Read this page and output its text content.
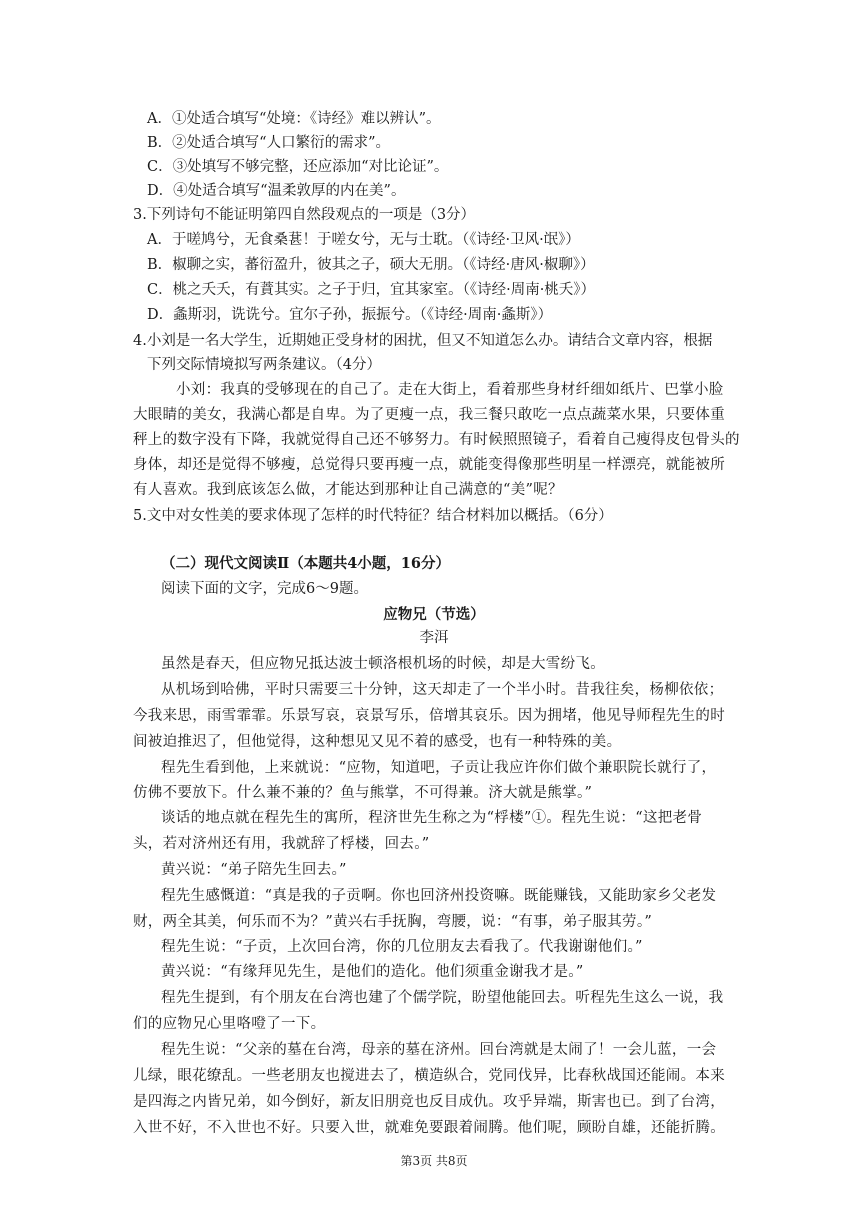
A．①处适合填写“处境：《诗经》难以辨认”。
B．②处适合填写“人口繁衍的需求”。
C．③处填写不够完整，还应添加“对比论证”。
D．④处适合填写“温柔敦厚的内在美”。
3.下列诗句不能证明第四自然段观点的一项是（3分）
A．于嗟鸠兮，无食桑葚！于嗟女兮，无与士耽。（《诗经·卫风·氓》）
B．椒聊之实，蕃衍盈升，彼其之子，硕大无朋。（《诗经·唐风·椒聊》）
C．桃之夭夭，有蕡其实。之子于归，宜其家室。（《诗经·周南·桃夭》）
D．螽斯羽，诜诜兮。宜尔子孙，振振兮。（《诗经·周南·螽斯》）
4.小刘是一名大学生，近期她正受身材的困扰，但又不知道怎么办。请结合文章内容，根据
下列交际情境拟写两条建议。（4分）
小刘：我真的受够现在的自己了。走在大街上，看着那些身材纤细如纸片、巴掌小脸
大眼睛的美女，我满心都是自卑。为了更瘦一点，我三餐只敢吃一点点蔬菜水果，只要体重
秤上的数字没有下降，我就觉得自己还不够努力。有时候照照镜子，看着自己瘦得皮包骨头的
身体，却还是觉得不够瘦，总觉得只要再瘦一点，就能变得像那些明星一样漂亮，就能被所
有人喜欢。我到底该怎么做，才能达到那种让自己满意的“美”呢？
5.文中对女性美的要求体现了怎样的时代特征？结合材料加以概括。（6分）
（二）现代文阅读Ⅱ（本题共4小题，16分）
阅读下面的文字，完成6～9题。
应物兄（节选）
李洱
虽然是春天，但应物兄抵达波士顿洛根机场的时候，却是大雪纷飞。
从机场到哈佛，平时只需要三十分钟，这天却走了一个半小时。昔我往矣，杨柳依依；
今我来思，雨雪霏霏。乐景写哀，哀景写乐，倍增其哀乐。因为拥堵，他见导师程先生的时
间被迫推迟了，但他觉得，这种想见又见不着的感受，也有一种特殊的美。
程先生看到他，上来就说：“应物，知道吧，子贡让我应许你们做个兼职院长就行了，
仿佛不要放下。什么兼不兼的？鱼与熊掌，不可得兼。济大就是熊掌。”
谈话的地点就在程先生的寓所，程济世先生称之为“桴楼”①。程先生说：“这把老骨
头，若对济州还有用，我就辞了桴楼，回去。”
黄兴说：“弟子陪先生回去。”
程先生感慨道：“真是我的子贡啊。你也回济州投资嘛。既能赚钱，又能助家乡父老发
财，两全其美，何乐而不为？”黄兴右手抚胸，弯腰，说：“有事，弟子服其劳。”
程先生说：“子贡，上次回台湾，你的几位朋友去看我了。代我谢谢他们。”
黄兴说：“有缘拜见先生，是他们的造化。他们须重金谢我才是。”
程先生提到，有个朋友在台湾也建了个儒学院，盼望他能回去。听程先生这么一说，我
们的应物兄心里咯噔了一下。
程先生说：“父亲的墓在台湾，母亲的墓在济州。回台湾就是太闹了！一会儿蓝，一会
儿绿，眼花缭乱。一些老朋友也搅进去了，横造纵合，党同伐异，比春秋战国还能闹。本来
是四海之内皆兄弟，如今倒好，新友旧朋竞也反目成仇。攻乎异端，斯害也已。到了台湾，
入世不好，不入世也不好。只要入世，就难免要跟着闹腾。他们呢，顾盼自雄，还能折腾。
第3页 共8页
